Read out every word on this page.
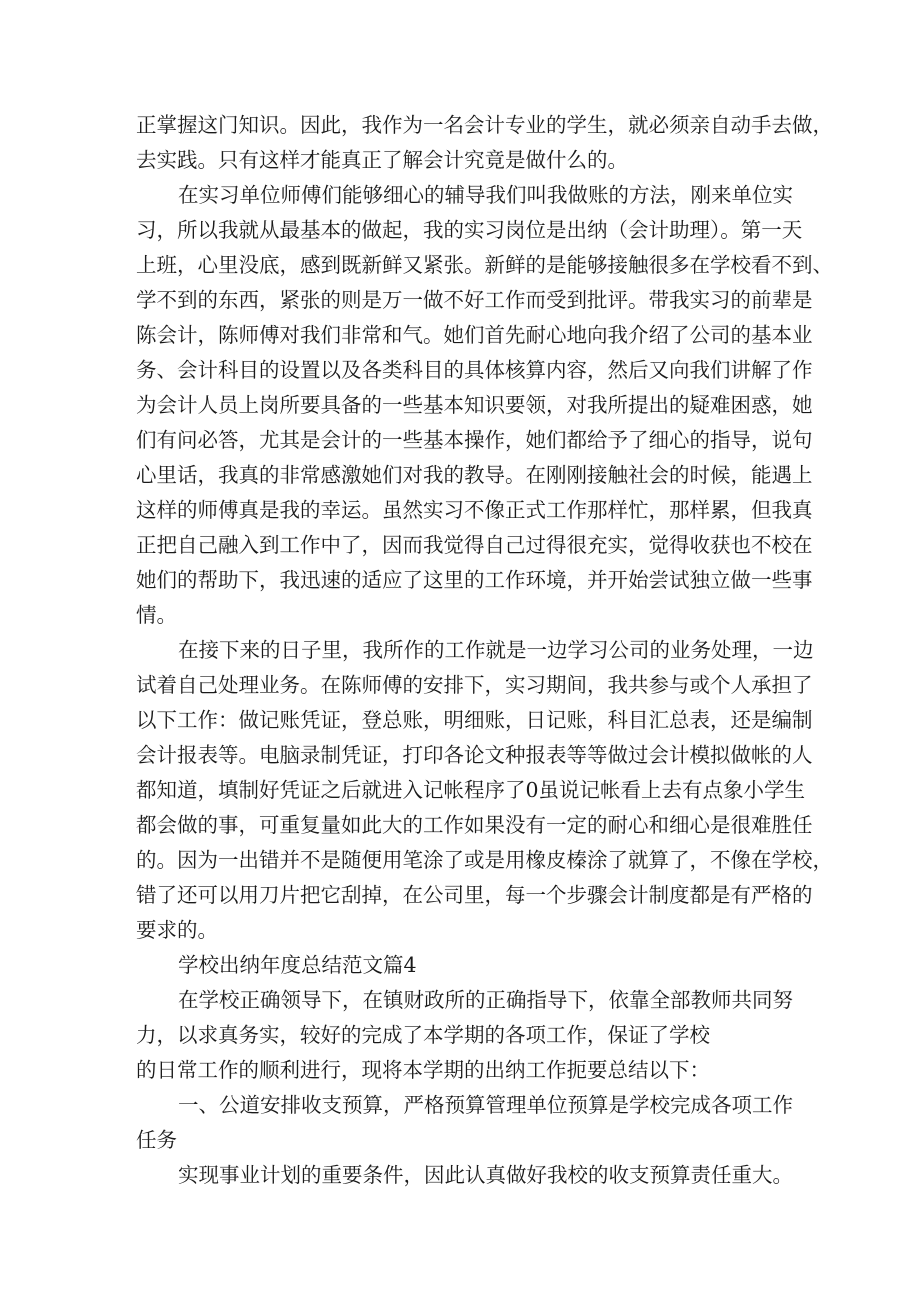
正掌握这门知识。因此，我作为一名会计专业的学生，就必须亲自动手去做，
去实践。只有这样才能真正了解会计究竟是做什么的。
在实习单位师傅们能够细心的辅导我们叫我做账的方法，刚来单位实
习，所以我就从最基本的做起，我的实习岗位是出纳（会计助理）。第一天
上班，心里没底，感到既新鲜又紧张。新鲜的是能够接触很多在学校看不到、
学不到的东西，紧张的则是万一做不好工作而受到批评。带我实习的前辈是
陈会计，陈师傅对我们非常和气。她们首先耐心地向我介绍了公司的基本业
务、会计科目的设置以及各类科目的具体核算内容，然后又向我们讲解了作
为会计人员上岗所要具备的一些基本知识要领，对我所提出的疑难困惑，她
们有问必答，尤其是会计的一些基本操作，她们都给予了细心的指导，说句
心里话，我真的非常感激她们对我的教导。在刚刚接触社会的时候，能遇上
这样的师傅真是我的幸运。虽然实习不像正式工作那样忙，那样累，但我真
正把自己融入到工作中了，因而我觉得自己过得很充实，觉得收获也不校在
她们的帮助下，我迅速的适应了这里的工作环境，并开始尝试独立做一些事
情。
在接下来的日子里，我所作的工作就是一边学习公司的业务处理，一边
试着自己处理业务。在陈师傅的安排下，实习期间，我共参与或个人承担了
以下工作：做记账凭证，登总账，明细账，日记账，科目汇总表，还是编制
会计报表等。电脑录制凭证，打印各论文种报表等等做过会计模拟做帐的人
都知道，填制好凭证之后就进入记帐程序了0虽说记帐看上去有点象小学生
都会做的事，可重复量如此大的工作如果没有一定的耐心和细心是很难胜任
的。因为一出错并不是随便用笔涂了或是用橡皮榛涂了就算了，不像在学校，
错了还可以用刀片把它刮掉，在公司里，每一个步骤会计制度都是有严格的
要求的。
学校出纳年度总结范文篇4
在学校正确领导下，在镇财政所的正确指导下，依靠全部教师共同努
力，以求真务实，较好的完成了本学期的各项工作，保证了学校
的日常工作的顺利进行，现将本学期的出纳工作扼要总结以下：
一、公道安排收支预算，严格预算管理单位预算是学校完成各项工作
任务
实现事业计划的重要条件，因此认真做好我校的收支预算责任重大。
